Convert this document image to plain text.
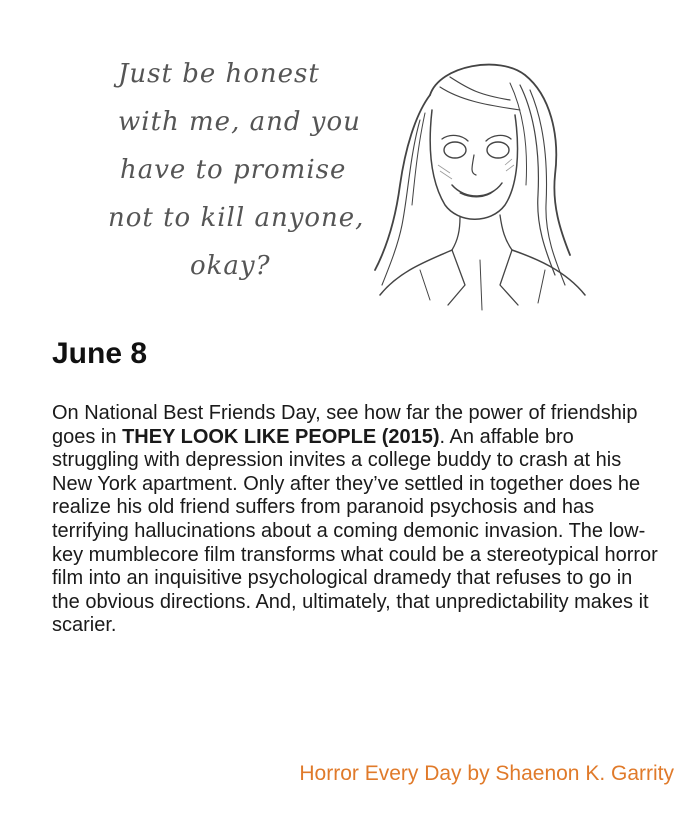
Just be honest
with me, and you
have to promise
not to kill anyone,
okay?
June 8

On National Best Friends Day, see how far the power of friendship goes in THEY LOOK LIKE PEOPLE (2015). An affable bro struggling with depression invites a college buddy to crash at his New York apartment. Only after they’ve settled in together does he realize his old friend suffers from paranoid psychosis and has terrifying hallucinations about a coming demonic invasion. The low-key mumblecore film transforms what could be a stereotypical horror film into an inquisitive psychological dramedy that refuses to go in the obvious directions. And, ultimately, that unpredictability makes it scarier.

Horror Every Day by Shaenon K. Garrity
